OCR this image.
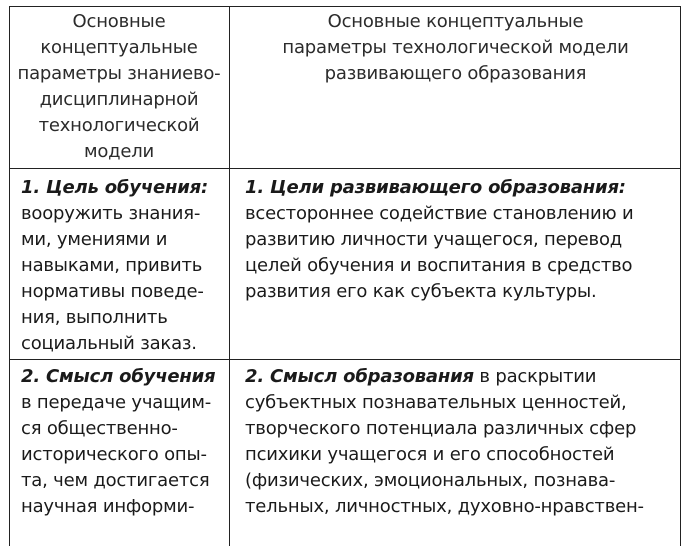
Основные
концептуальные
параметры знаниево-
дисциплинарной
технологической
модели
Основные концептуальные
параметры технологической модели
развивающего образования
1. Цель обучения:
вооружить знания-
ми, умениями и
навыками, привить
нормативы поведе-
ния, выполнить
социальный заказ.
1. Цели развивающего образования:
всестороннее содействие становлению и
развитию личности учащегося, перевод
целей обучения и воспитания в средство
развития его как субъекта культуры.
2. Смысл обучения
в передаче учащим-
ся общественно-
исторического опы-
та, чем достигается
научная информи-
2. Смысл образования в раскрытии
субъектных познавательных ценностей,
творческого потенциала различных сфер
психики учащегося и его способностей
(физических, эмоциональных, познава-
тельных, личностных, духовно-нравствен-
